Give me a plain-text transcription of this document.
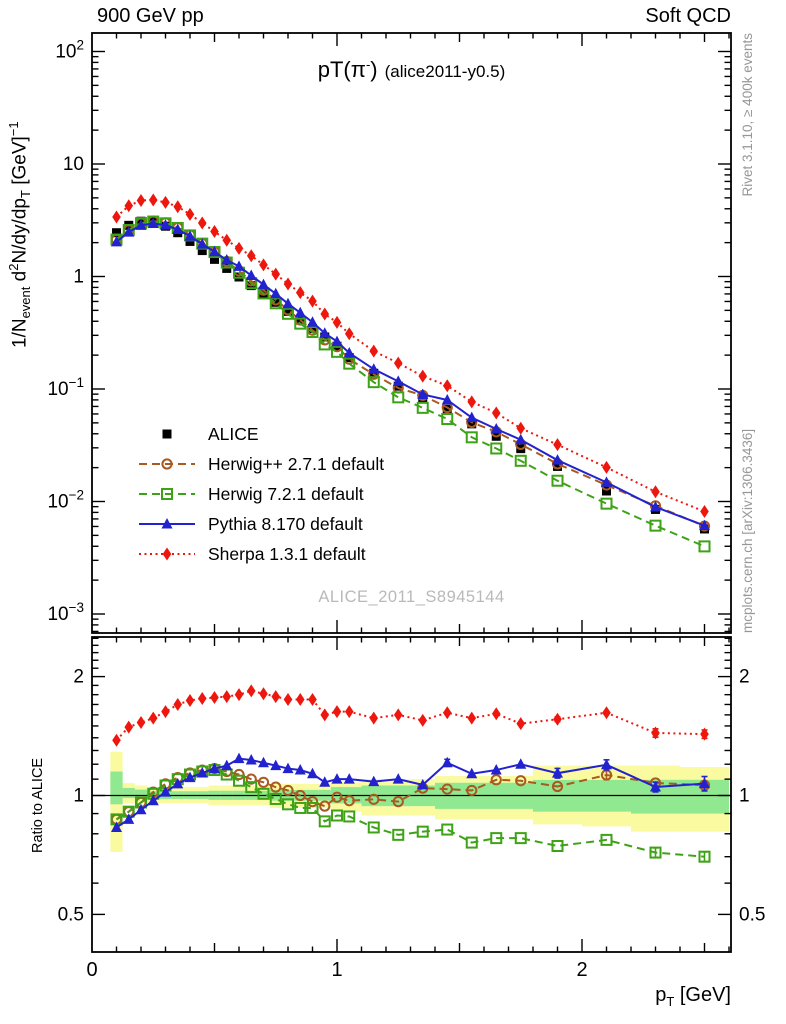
900 GeV pp	Soft QCD
pT(π-) (alice2011-y0.5)
$1/N_{event}$ $d^2N/dy/dp_T$ [GeV]$^{-1}$
Ratio to ALICE
Rivet 3.1.10, ≥ 400k events
mcplots.cern.ch [arXiv:1306.3436]
ALICE_2011_S8945144
$10^2$
10
1
$10^{-1}$
$10^{-2}$
$10^{-3}$
2	2
1	1
0.5	0.5
0	1	2
ALICE
Herwig++ 2.7.1 default
Herwig 7.2.1 default
Pythia 8.170 default
Sherpa 1.3.1 default
$p_T$ [GeV]
